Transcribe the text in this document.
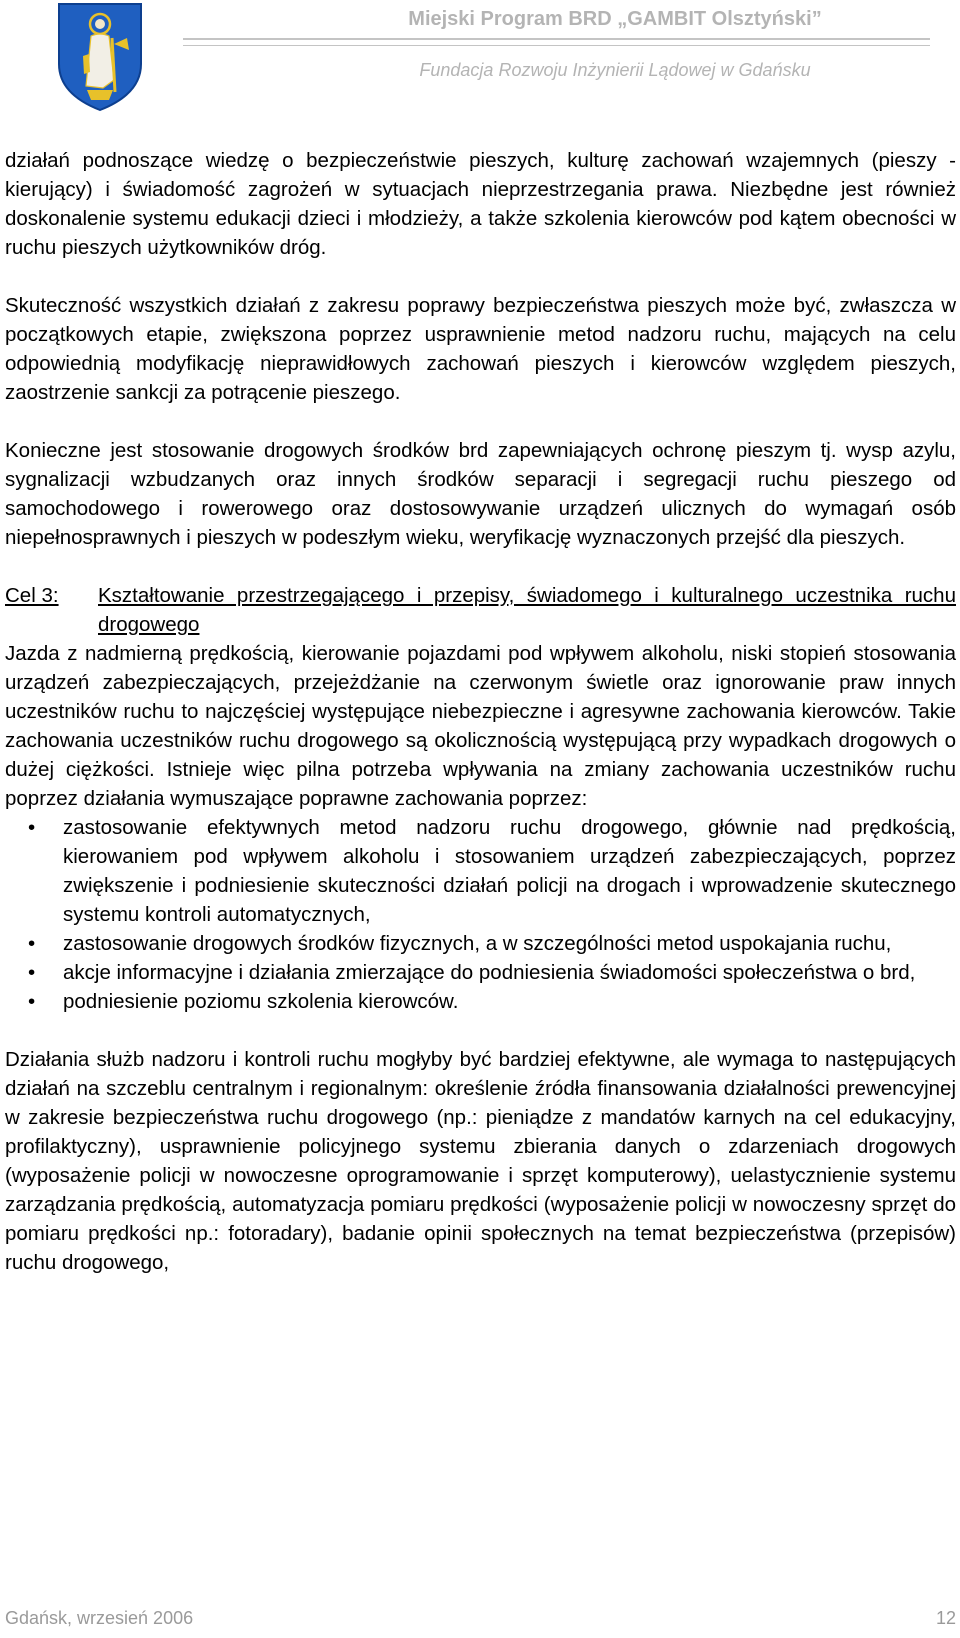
Miejski Program BRD „GAMBIT Olsztyński”
Fundacja Rozwoju Inżynierii Lądowej w Gdańsku

działań podnoszące wiedzę o bezpieczeństwie pieszych, kulturę zachowań wzajemnych (pieszy - kierujący) i świadomość zagrożeń w sytuacjach nieprzestrzegania prawa. Niezbędne jest również doskonalenie systemu edukacji dzieci i młodzieży, a także szkolenia kierowców pod kątem obecności w ruchu pieszych użytkowników dróg.

Skuteczność wszystkich działań z zakresu poprawy bezpieczeństwa pieszych może być, zwłaszcza w początkowych etapie, zwiększona poprzez usprawnienie metod nadzoru ruchu, mających na celu odpowiednią modyfikację nieprawidłowych zachowań pieszych i kierowców względem pieszych, zaostrzenie sankcji za potrącenie pieszego.

Konieczne jest stosowanie drogowych środków brd zapewniających ochronę pieszym tj. wysp azylu, sygnalizacji wzbudzanych oraz innych środków separacji i segregacji ruchu pieszego od samochodowego i rowerowego oraz dostosowywanie urządzeń ulicznych do wymagań osób niepełnosprawnych i pieszych w podeszłym wieku, weryfikację wyznaczonych przejść dla pieszych.

Cel 3:	Kształtowanie przestrzegającego i przepisy, świadomego i kulturalnego uczestnika ruchu drogowego

Jazda z nadmierną prędkością, kierowanie pojazdami pod wpływem alkoholu, niski stopień stosowania urządzeń zabezpieczających, przejeżdżanie na czerwonym świetle oraz ignorowanie praw innych uczestników ruchu to najczęściej występujące niebezpieczne i agresywne zachowania kierowców. Takie zachowania uczestników ruchu drogowego są okolicznością występującą przy wypadkach drogowych o dużej ciężkości. Istnieje więc pilna potrzeba wpływania na zmiany zachowania uczestników ruchu poprzez działania wymuszające poprawne zachowania poprzez:

• zastosowanie efektywnych metod nadzoru ruchu drogowego, głównie nad prędkością, kierowaniem pod wpływem alkoholu i stosowaniem urządzeń zabezpieczających, poprzez zwiększenie i podniesienie skuteczności działań policji na drogach i wprowadzenie skutecznego systemu kontroli automatycznych,
• zastosowanie drogowych środków fizycznych, a w szczególności metod uspokajania ruchu,
• akcje informacyjne i działania zmierzające do podniesienia świadomości społeczeństwa o brd,
• podniesienie poziomu szkolenia kierowców.

Działania służb nadzoru i kontroli ruchu mogłyby być bardziej efektywne, ale wymaga to następujących działań na szczeblu centralnym i regionalnym: określenie źródła finansowania działalności prewencyjnej w zakresie bezpieczeństwa ruchu drogowego (np.: pieniądze z mandatów karnych na cel edukacyjny, profilaktyczny), usprawnienie policyjnego systemu zbierania danych o zdarzeniach drogowych (wyposażenie policji w nowoczesne oprogramowanie i sprzęt komputerowy), uelastycznienie systemu zarządzania prędkością, automatyzacja pomiaru prędkości (wyposażenie policji w nowoczesny sprzęt do pomiaru prędkości np.: fotoradary), badanie opinii społecznych na temat bezpieczeństwa (przepisów) ruchu drogowego,

Gdańsk, wrzesień 2006	12
